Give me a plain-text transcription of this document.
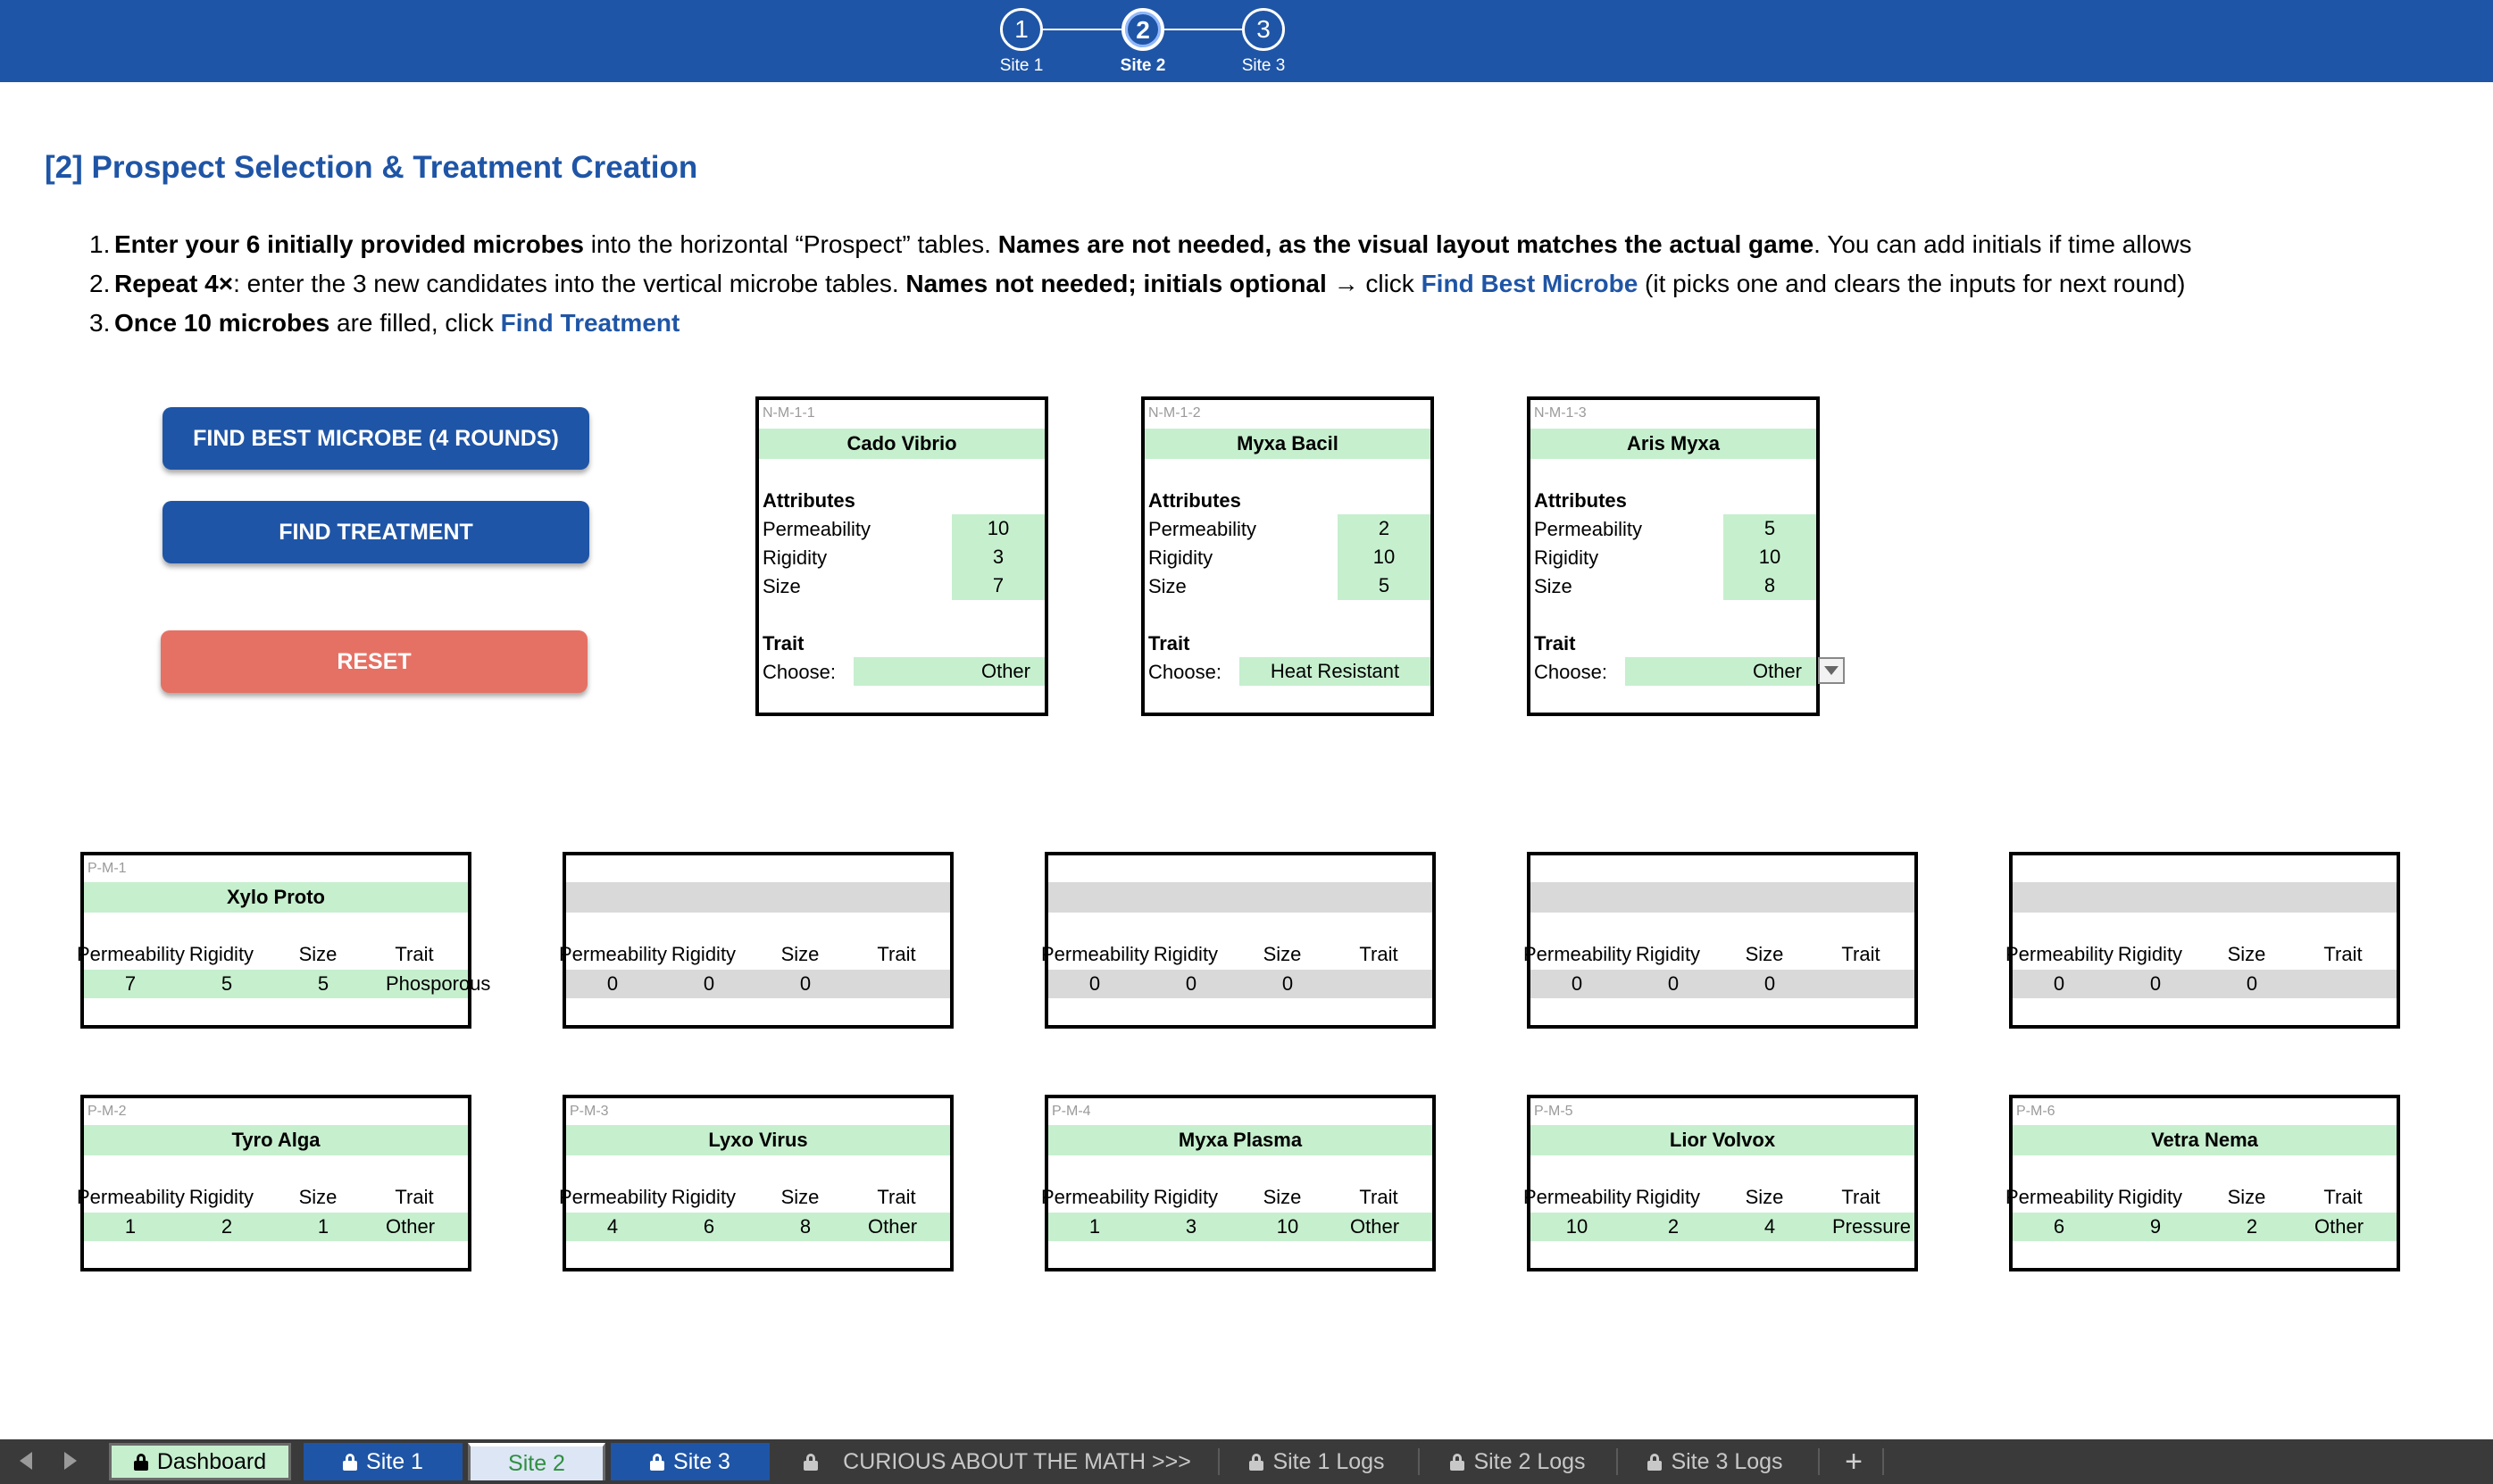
1
Site 1
2
Site 2
3
Site 3
[2] Prospect Selection & Treatment Creation
1. Enter your 6 initially provided microbes into the horizontal “Prospect” tables. Names are not needed, as the visual layout matches the actual game. You can add initials if time allows
2. Repeat 4×: enter the 3 new candidates into the vertical microbe tables. Names not needed; initials optional → click Find Best Microbe (it picks one and clears the inputs for next round)
3. Once 10 microbes are filled, click Find Treatment
FIND BEST MICROBE (4 ROUNDS)
FIND TREATMENT
RESET
N-M-1-1
Cado Vibrio
Attributes
Permeability	10
Rigidity	3
Size	7
Trait
Choose:	Other
N-M-1-2
Myxa Bacil
Attributes
Permeability	2
Rigidity	10
Size	5
Trait
Choose:	Heat Resistant
N-M-1-3
Aris Myxa
Attributes
Permeability	5
Rigidity	10
Size	8
Trait
Choose:	Other
P-M-1
Xylo Proto
Permeability Rigidity	Size	Trait
7	5	5	Phosporous
Permeability Rigidity	Size	Trait
0	0	0
Permeability Rigidity	Size	Trait
0	0	0
Permeability Rigidity	Size	Trait
0	0	0
Permeability Rigidity	Size	Trait
0	0	0
P-M-2
Tyro Alga
Permeability Rigidity	Size	Trait
1	2	1	Other
P-M-3
Lyxo Virus
Permeability Rigidity	Size	Trait
4	6	8	Other
P-M-4
Myxa Plasma
Permeability Rigidity	Size	Trait
1	3	10	Other
P-M-5
Lior Volvox
Permeability Rigidity	Size	Trait
10	2	4	Pressure
P-M-6
Vetra Nema
Permeability Rigidity	Size	Trait
6	9	2	Other
Dashboard	Site 1	Site 2	Site 3	CURIOUS ABOUT THE MATH >>>	Site 1 Logs	Site 2 Logs	Site 3 Logs	+
